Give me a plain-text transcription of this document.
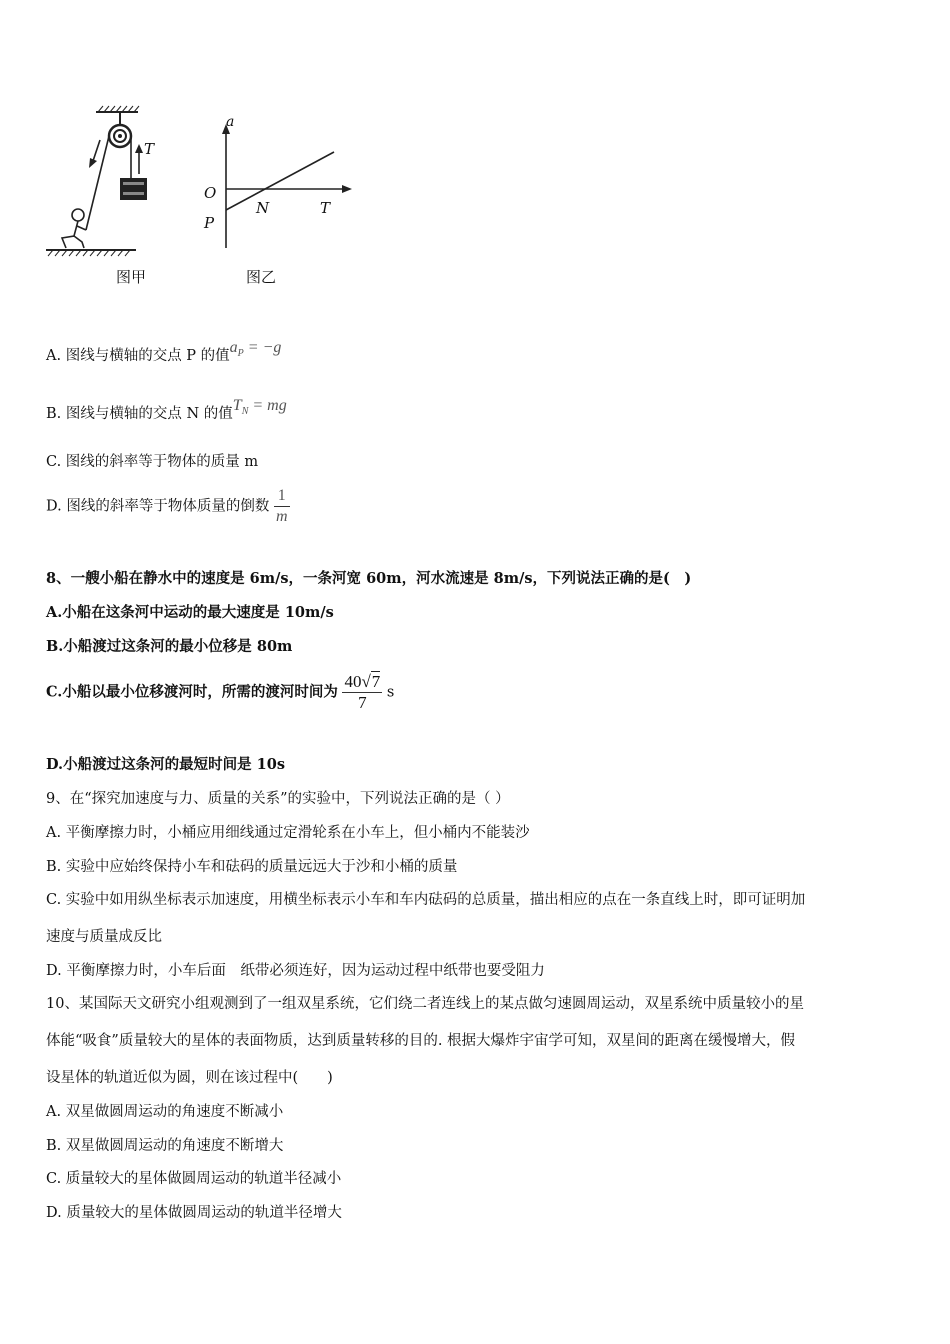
T
a
O
P
N	T
图甲	图乙
A. 图线与横轴的交点 P 的值$a_P = -g$
B. 图线与横轴的交点 N 的值$T_N$ = mg
C. 图线的斜率等于物体的质量 m
D. 图线的斜率等于物体质量的倒数 $\frac{1}{m}$
8、一艘小船在静水中的速度是 6m/s，一条河宽 60m，河水流速是 8m/s，下列说法正确的是(　)
A.小船在这条河中运动的最大速度是 10m/s
B.小船渡过这条河的最小位移是 80m
C.小船以最小位移渡河时，所需的渡河时间为 $\frac{40√7}{7}$ s
D.小船渡过这条河的最短时间是 10s
9、在“探究加速度与力、质量的关系”的实验中，下列说法正确的是（ ）
A. 平衡摩擦力时，小桶应用细线通过定滑轮系在小车上，但小桶内不能装沙
B. 实验中应始终保持小车和砝码的质量远远大于沙和小桶的质量
C. 实验中如用纵坐标表示加速度，用横坐标表示小车和车内砝码的总质量，描出相应的点在一条直线上时，即可证明加
速度与质量成反比
D. 平衡摩擦力时，小车后面　纸带必须连好，因为运动过程中纸带也要受阻力
10、某国际天文研究小组观测到了一组双星系统，它们绕二者连线上的某点做匀速圆周运动，双星系统中质量较小的星
体能“吸食”质量较大的星体的表面物质，达到质量转移的目的. 根据大爆炸宇宙学可知，双星间的距离在缓慢增大，假
设星体的轨道近似为圆，则在该过程中(　　)
A. 双星做圆周运动的角速度不断减小
B. 双星做圆周运动的角速度不断增大
C. 质量较大的星体做圆周运动的轨道半径减小
D. 质量较大的星体做圆周运动的轨道半径增大
